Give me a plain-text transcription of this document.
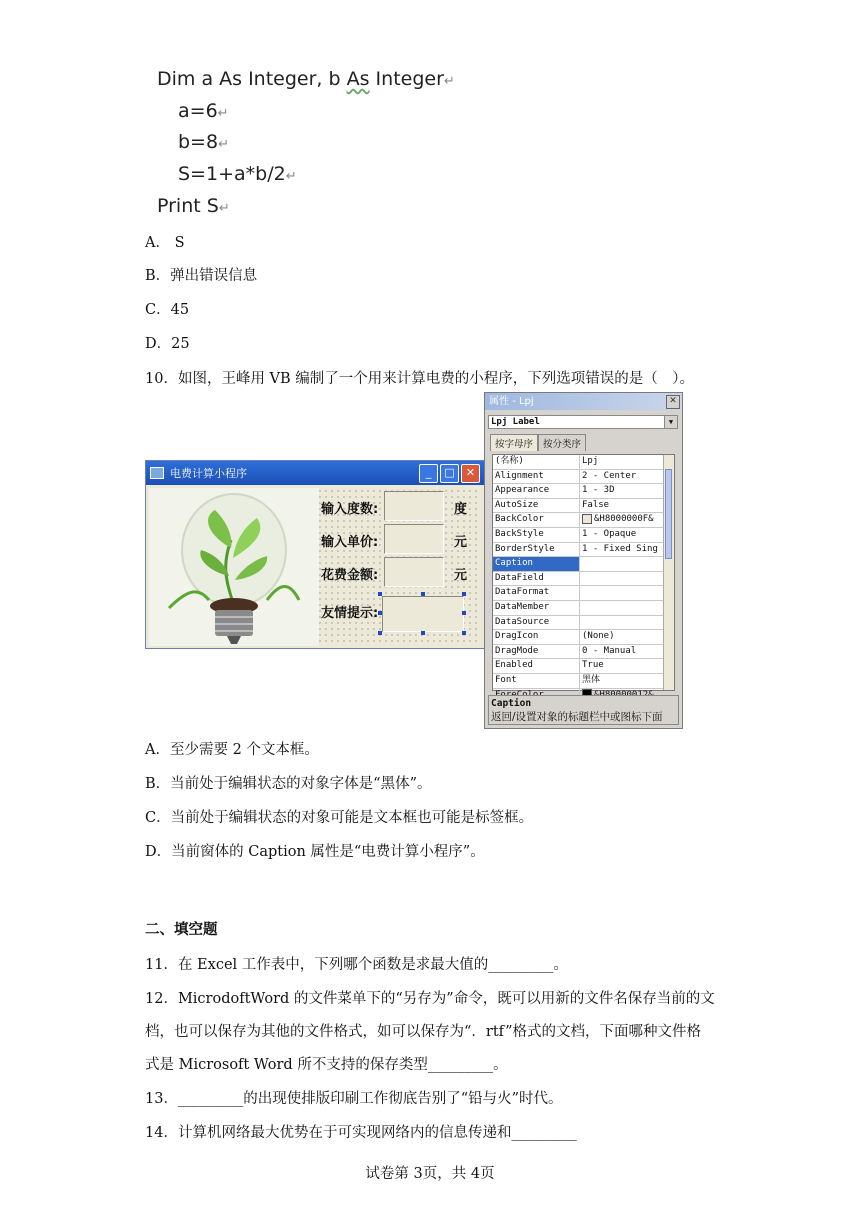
Dim a As Integer, b As Integer↵
a=6↵
b=8↵
S=1+a*b/2↵
Print S↵
A． S
B．弹出错误信息
C．45
D．25
10．如图，王峰用 VB 编制了一个用来计算电费的小程序，下列选项错误的是（　）。
电费计算小程序	_	□	✕
输入度数:	度
输入单价:	元
花费金额:	元
友情提示:
属性 - Lpj	✕
Lpj Label	▼
按字母序	按分类序
(名称)	Lpj
Alignment	2 - Center
Appearance	1 - 3D
AutoSize	False
BackColor	&H8000000F&
BackStyle	1 - Opaque
BorderStyle	1 - Fixed Sing
Caption
DataField
DataFormat
DataMember
DataSource
DragIcon	(None)
DragMode	0 - Manual
Enabled	True
Font	黑体
Caption
返回/设置对象的标题栏中或图标下面
A．至少需要 2 个文本框。
B．当前处于编辑状态的对象字体是“黑体”。
C．当前处于编辑状态的对象可能是文本框也可能是标签框。
D．当前窗体的 Caption 属性是“电费计算小程序”。
二、填空题
11．在 Excel 工作表中，下列哪个函数是求最大值的_________。
12．MicrodoftWord 的文件菜单下的“另存为”命令，既可以用新的文件名保存当前的文
档，也可以保存为其他的文件格式，如可以保存为“．rtf”格式的文档，下面哪种文件格
式是 Microsoft Word 所不支持的保存类型_________。
13．_________的出现使排版印刷工作彻底告别了“铅与火”时代。
14．计算机网络最大优势在于可实现网络内的信息传递和_________
试卷第 3页，共 4页
